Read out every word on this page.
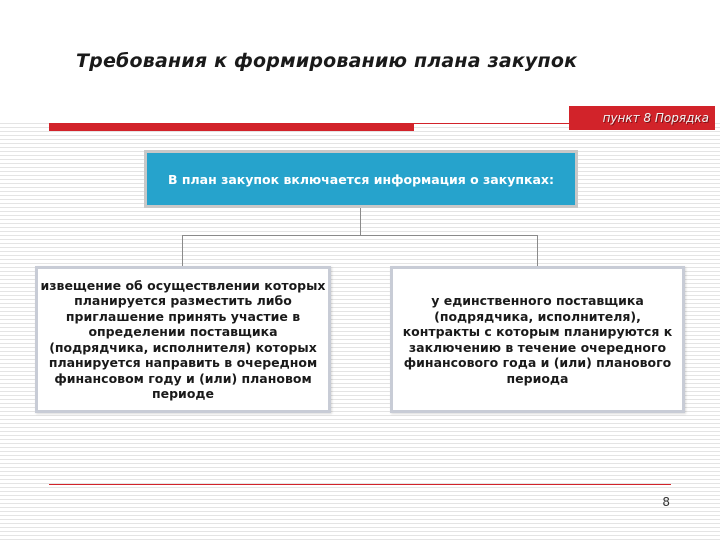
Требования к формированию плана закупок
пункт 8 Порядка
В план закупок включается информация о закупках:
извещение об осуществлении которых планируется разместить либо приглашение принять участие в определении поставщика (подрядчика, исполнителя) которых планируется направить в очередном финансовом году и (или) плановом периоде
у единственного поставщика (подрядчика, исполнителя), контракты с которым планируются к заключению в течение очередного финансового года и (или) планового периода
8
